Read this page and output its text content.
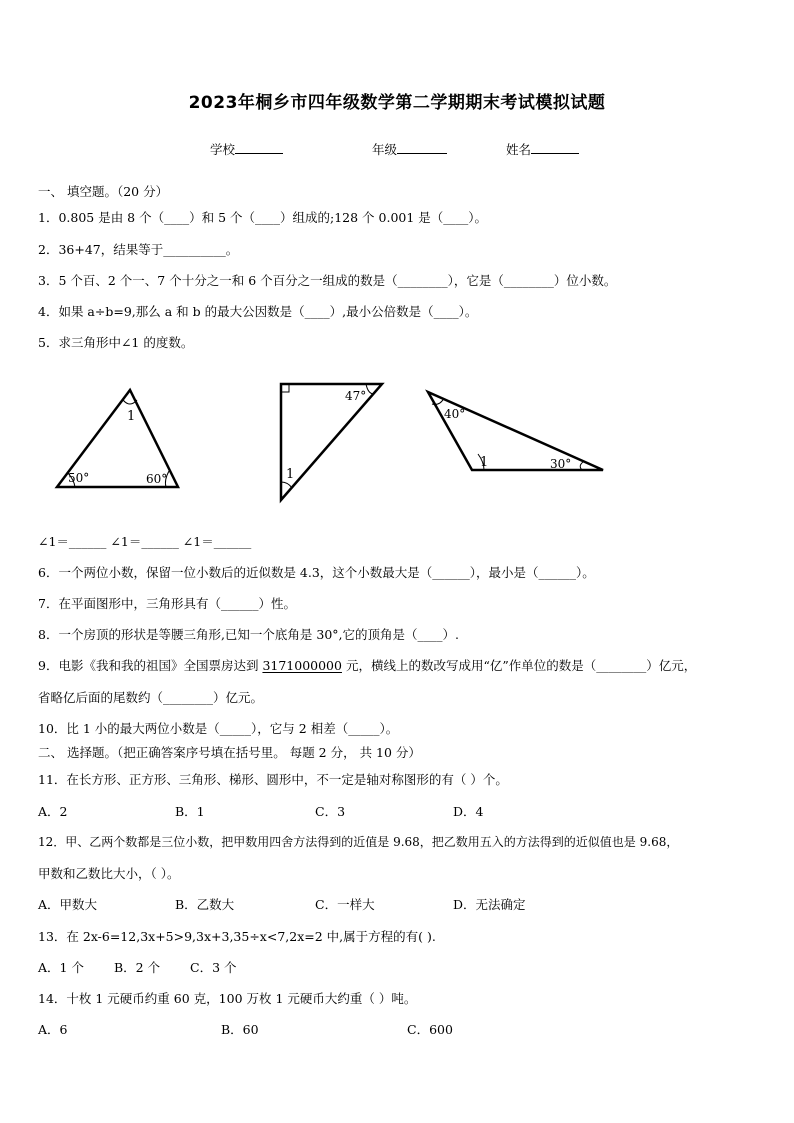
2023年桐乡市四年级数学第二学期期末考试模拟试题
学校	年级	姓名
一、 填空题。（20 分）
1．0.805 是由 8 个（____）和 5 个（____）组成的;128 个 0.001 是（____）。
2．36+47，结果等于__________。
3．5 个百、2 个一、7 个十分之一和 6 个百分之一组成的数是（________），它是（________）位小数。
4．如果 a÷b=9,那么 a 和 b 的最大公因数是（____）,最小公倍数是（____）。
5．求三角形中∠1 的度数。
1
50°	60°
47°
1
40°
1	30°
∠1＝______ ∠1＝______ ∠1＝______
6．一个两位小数，保留一位小数后的近似数是 4.3，这个小数最大是（______），最小是（______）。
7．在平面图形中，三角形具有（______）性。
8．一个房顶的形状是等腰三角形,已知一个底角是 30°,它的顶角是（____）.
9．电影《我和我的祖国》全国票房达到 3171000000 元，横线上的数改写成用“亿”作单位的数是（________）亿元，
省略亿后面的尾数约（________）亿元。
10．比 1 小的最大两位小数是（_____），它与 2 相差（_____）。
二、 选择题。（把正确答案序号填在括号里。 每题 2 分， 共 10 分）
11．在长方形、正方形、三角形、梯形、圆形中，不一定是轴对称图形的有（ ）个。
A．2	B．1	C．3	D．4
12．甲、乙两个数都是三位小数，把甲数用四舍方法得到的近值是 9.68，把乙数用五入的方法得到的近似值也是 9.68，
甲数和乙数比大小，（ ）。
A．甲数大	B．乙数大	C．一样大	D．无法确定
13．在 2x-6=12,3x+5>9,3x+3,35÷x<7,2x=2 中,属于方程的有( ).
A．1 个 B．2 个 C．3 个
14．十枚 1 元硬币约重 60 克，100 万枚 1 元硬币大约重（ ）吨。
A．6	B．60	C．600
